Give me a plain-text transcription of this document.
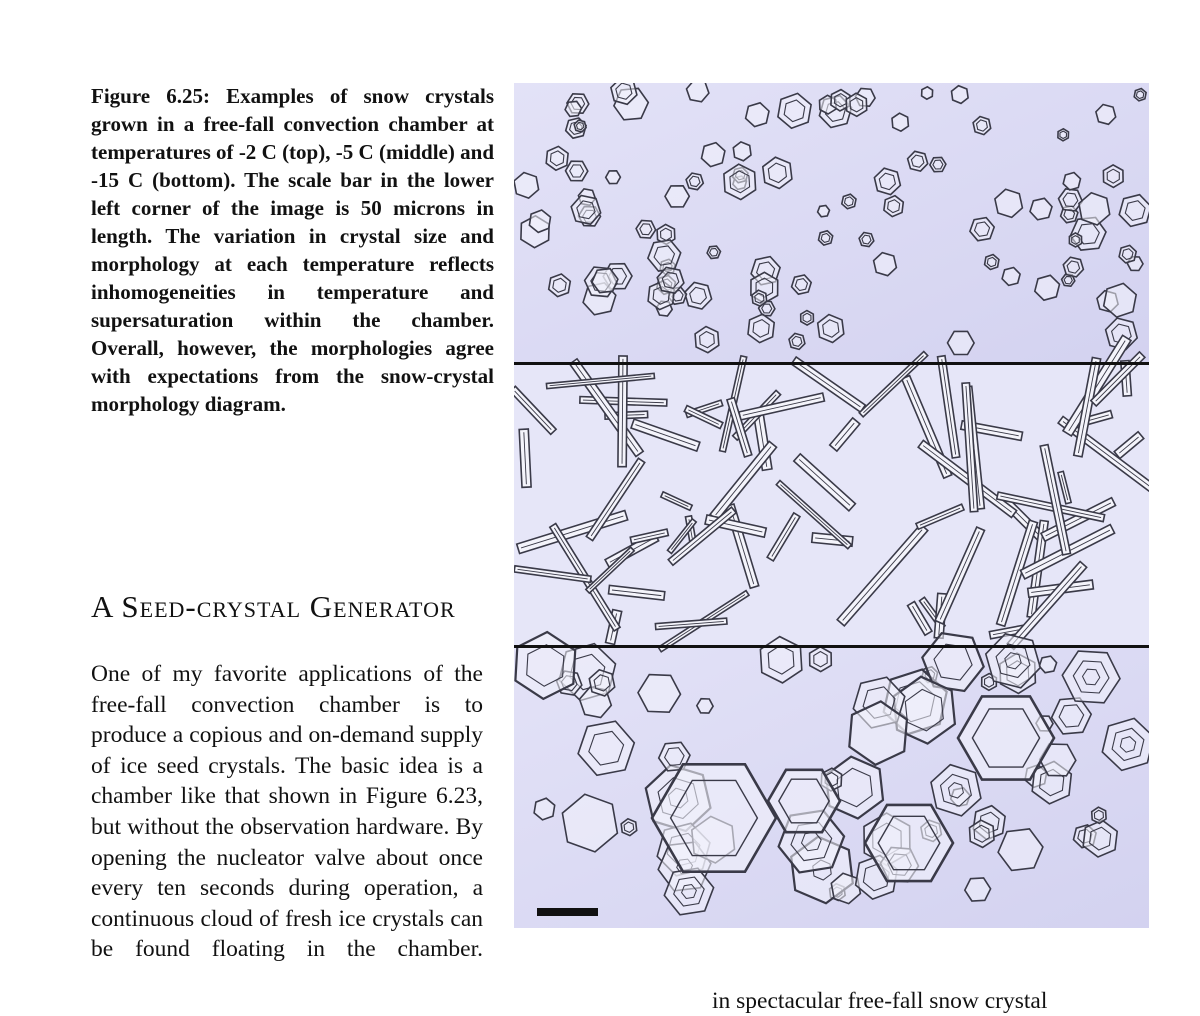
Figure 6.25: Examples of snow crystals grown in a free-fall convection chamber at temperatures of -2 C (top), -5 C (middle) and -15 C (bottom). The scale bar in the lower left corner of the image is 50 microns in length. The variation in crystal size and morphology at each temperature reflects inhomogeneities in temperature and supersaturation within the chamber. Overall, however, the morphologies agree with expectations from the snow-crystal morphology diagram.

A Seed-crystal Generator

One of my favorite applications of the free-fall convection chamber is to produce a copious and on-demand supply of ice seed crystals. The basic idea is a chamber like that shown in Figure 6.23, but without the observation hardware. By opening the nucleator valve about once every ten seconds during operation, a continuous cloud of fresh ice crystals can be found floating in the chamber.

in spectacular free-fall snow crystal
